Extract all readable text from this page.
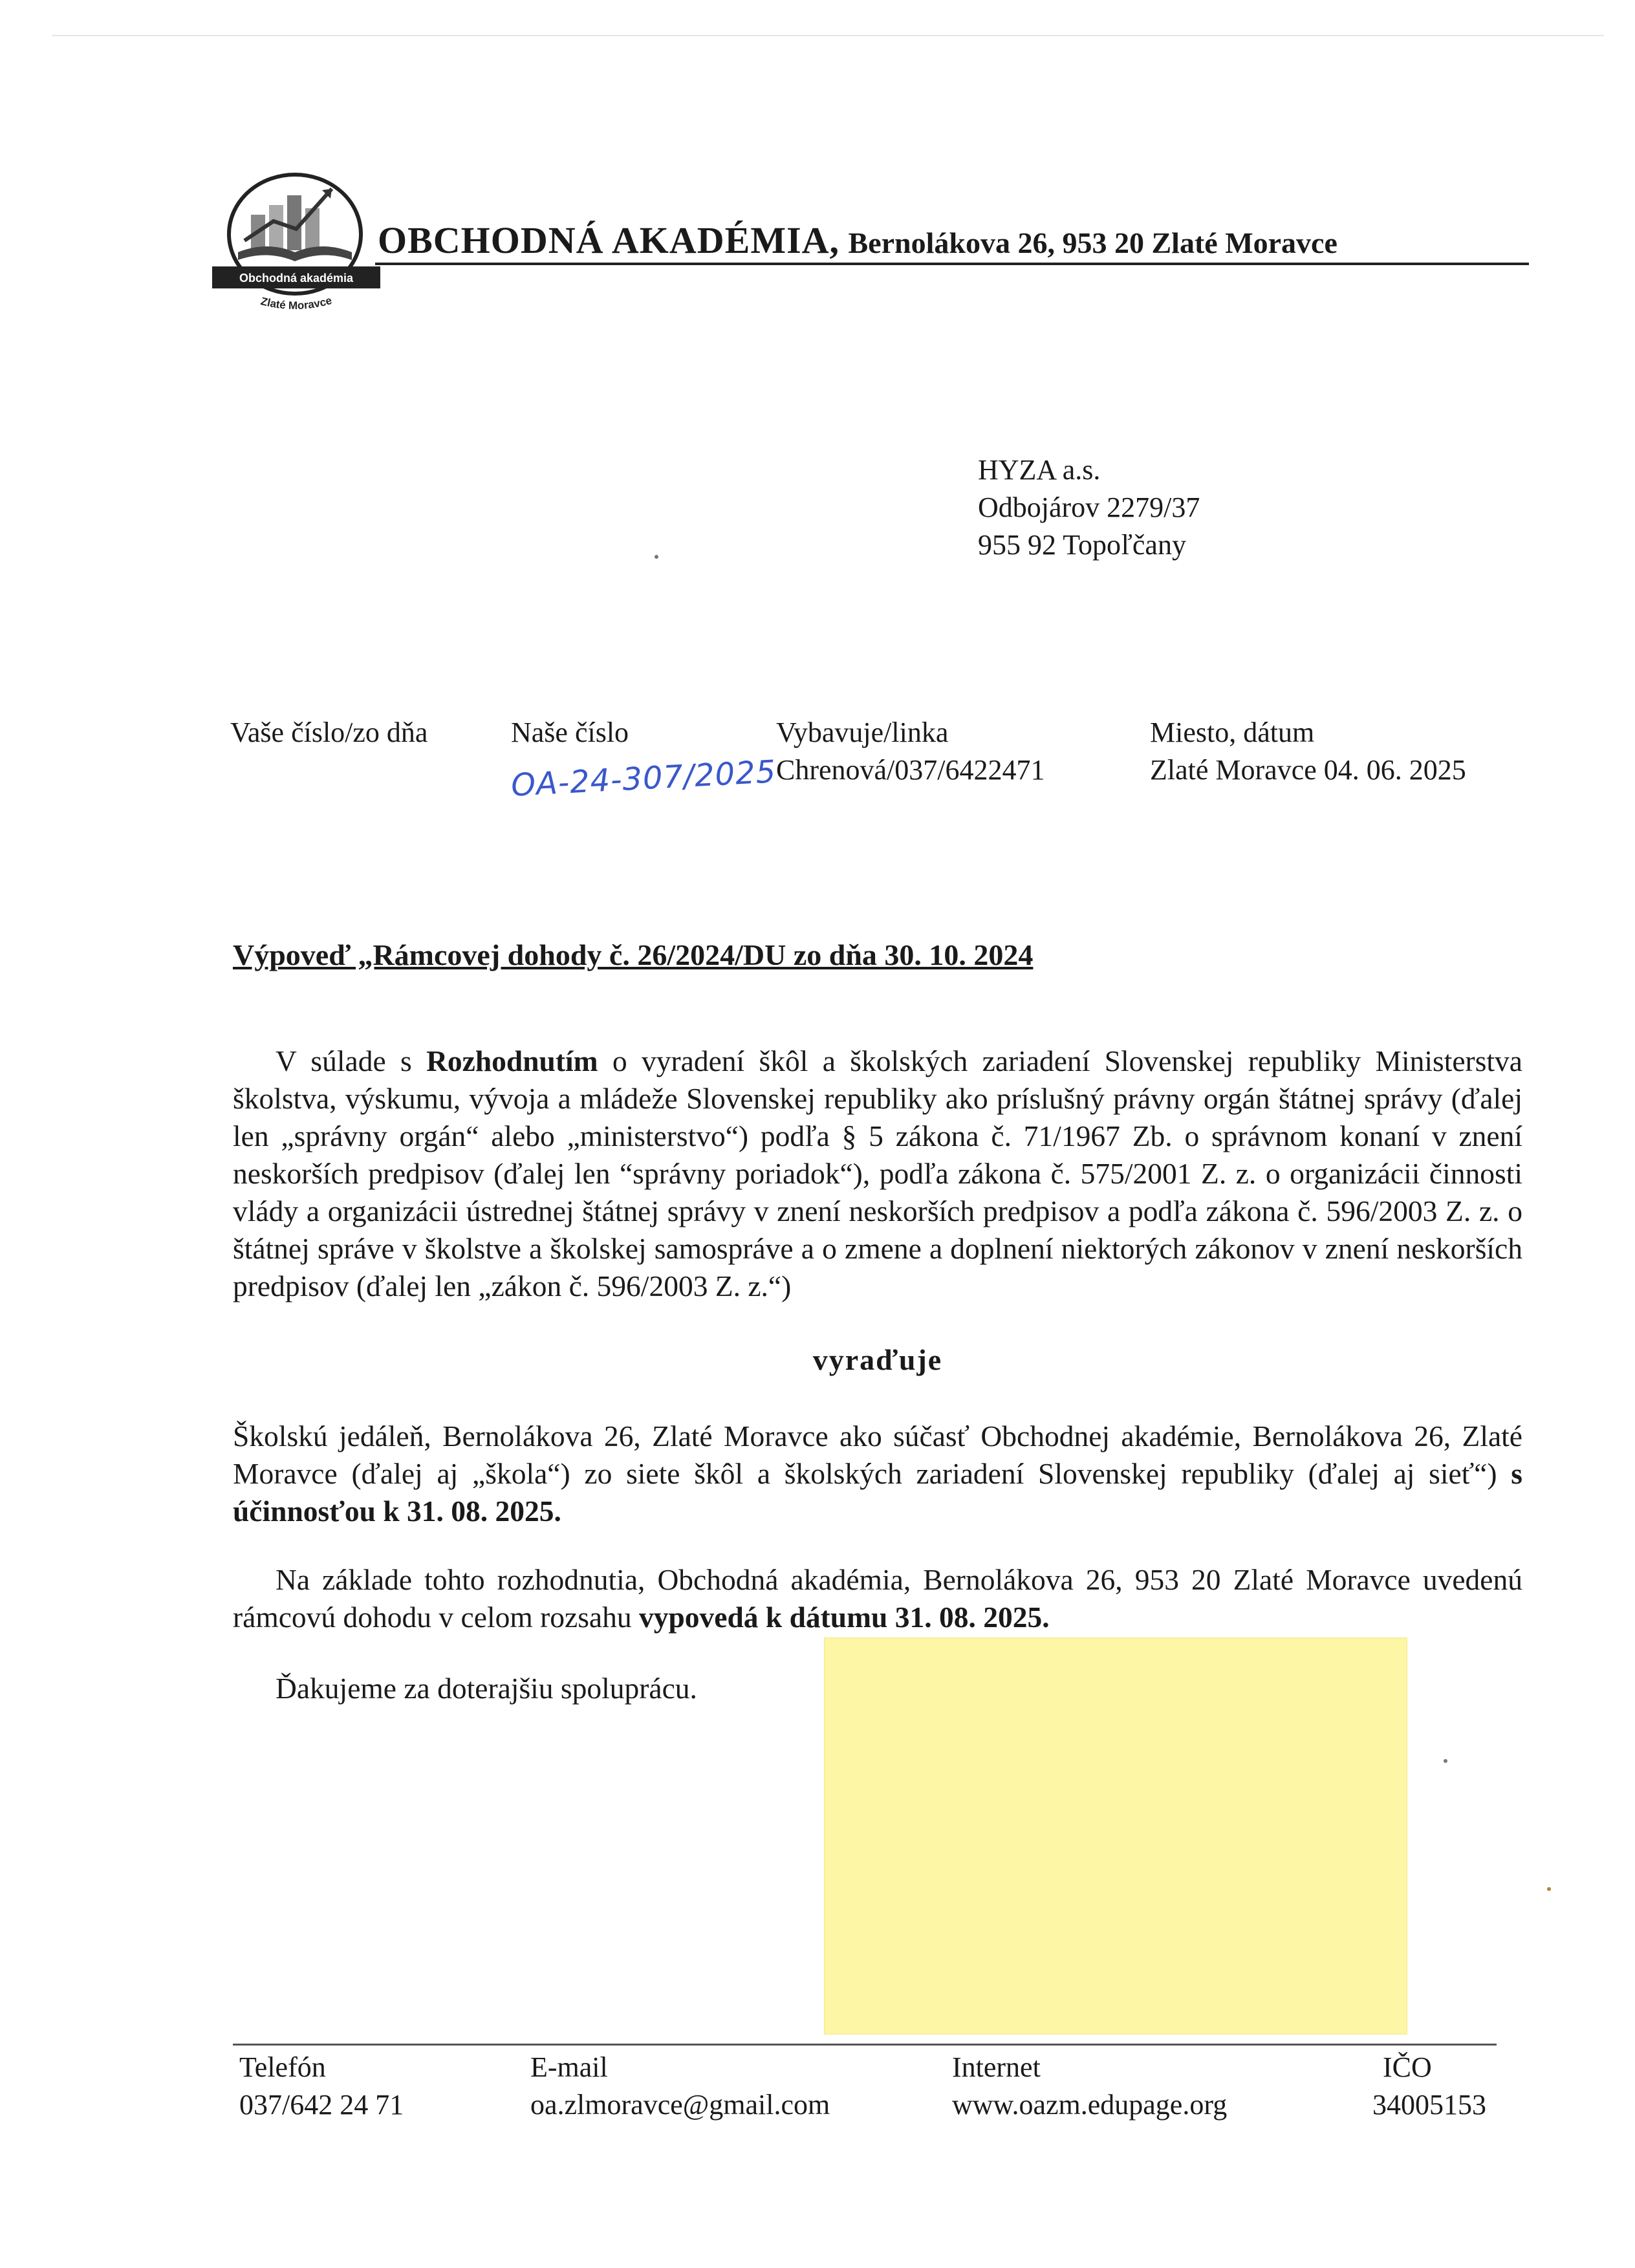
Obchodná akadémia
Zlaté Moravce
OBCHODNÁ AKADÉMIA, Bernolákova 26, 953 20 Zlaté Moravce
HYZA a.s.
Odbojárov 2279/37
955 92 Topoľčany
Vaše číslo/zo dňa	Naše číslo
OA-24-307/2025
Vybavuje/linka
Chrenová/037/6422471
Miesto, dátum
Zlaté Moravce 04. 06. 2025
Výpoveď „Rámcovej dohody č. 26/2024/DU zo dňa 30. 10. 2024
V súlade s Rozhodnutím o vyradení škôl a školských zariadení Slovenskej republiky Ministerstva školstva, výskumu, vývoja a mládeže Slovenskej republiky ako príslušný právny orgán štátnej správy (ďalej len „správny orgán“ alebo „ministerstvo“) podľa § 5 zákona č. 71/1967 Zb. o správnom konaní v znení neskorších predpisov (ďalej len “správny poriadok“), podľa zákona č. 575/2001 Z. z. o organizácii činnosti vlády a organizácii ústrednej štátnej správy v znení neskorších predpisov a podľa zákona č. 596/2003 Z. z. o štátnej správe v školstve a školskej samospráve a o zmene a doplnení niektorých zákonov v znení neskorších predpisov (ďalej len „zákon č. 596/2003 Z. z.“)
vyraďuje
Školskú jedáleň, Bernolákova 26, Zlaté Moravce ako súčasť Obchodnej akadémie, Bernolákova 26, Zlaté Moravce (ďalej aj „škola“) zo siete škôl a školských zariadení Slovenskej republiky (ďalej aj sieť“) s účinnosťou k 31. 08. 2025.
Na základe tohto rozhodnutia, Obchodná akadémia, Bernolákova 26, 953 20 Zlaté Moravce uvedenú rámcovú dohodu v celom rozsahu vypovedá k dátumu 31. 08. 2025.
Ďakujeme za doterajšiu spoluprácu.
Telefón
037/642 24 71
E-mail
oa.zlmoravce@gmail.com
Internet
www.oazm.edupage.org
IČO
34005153
